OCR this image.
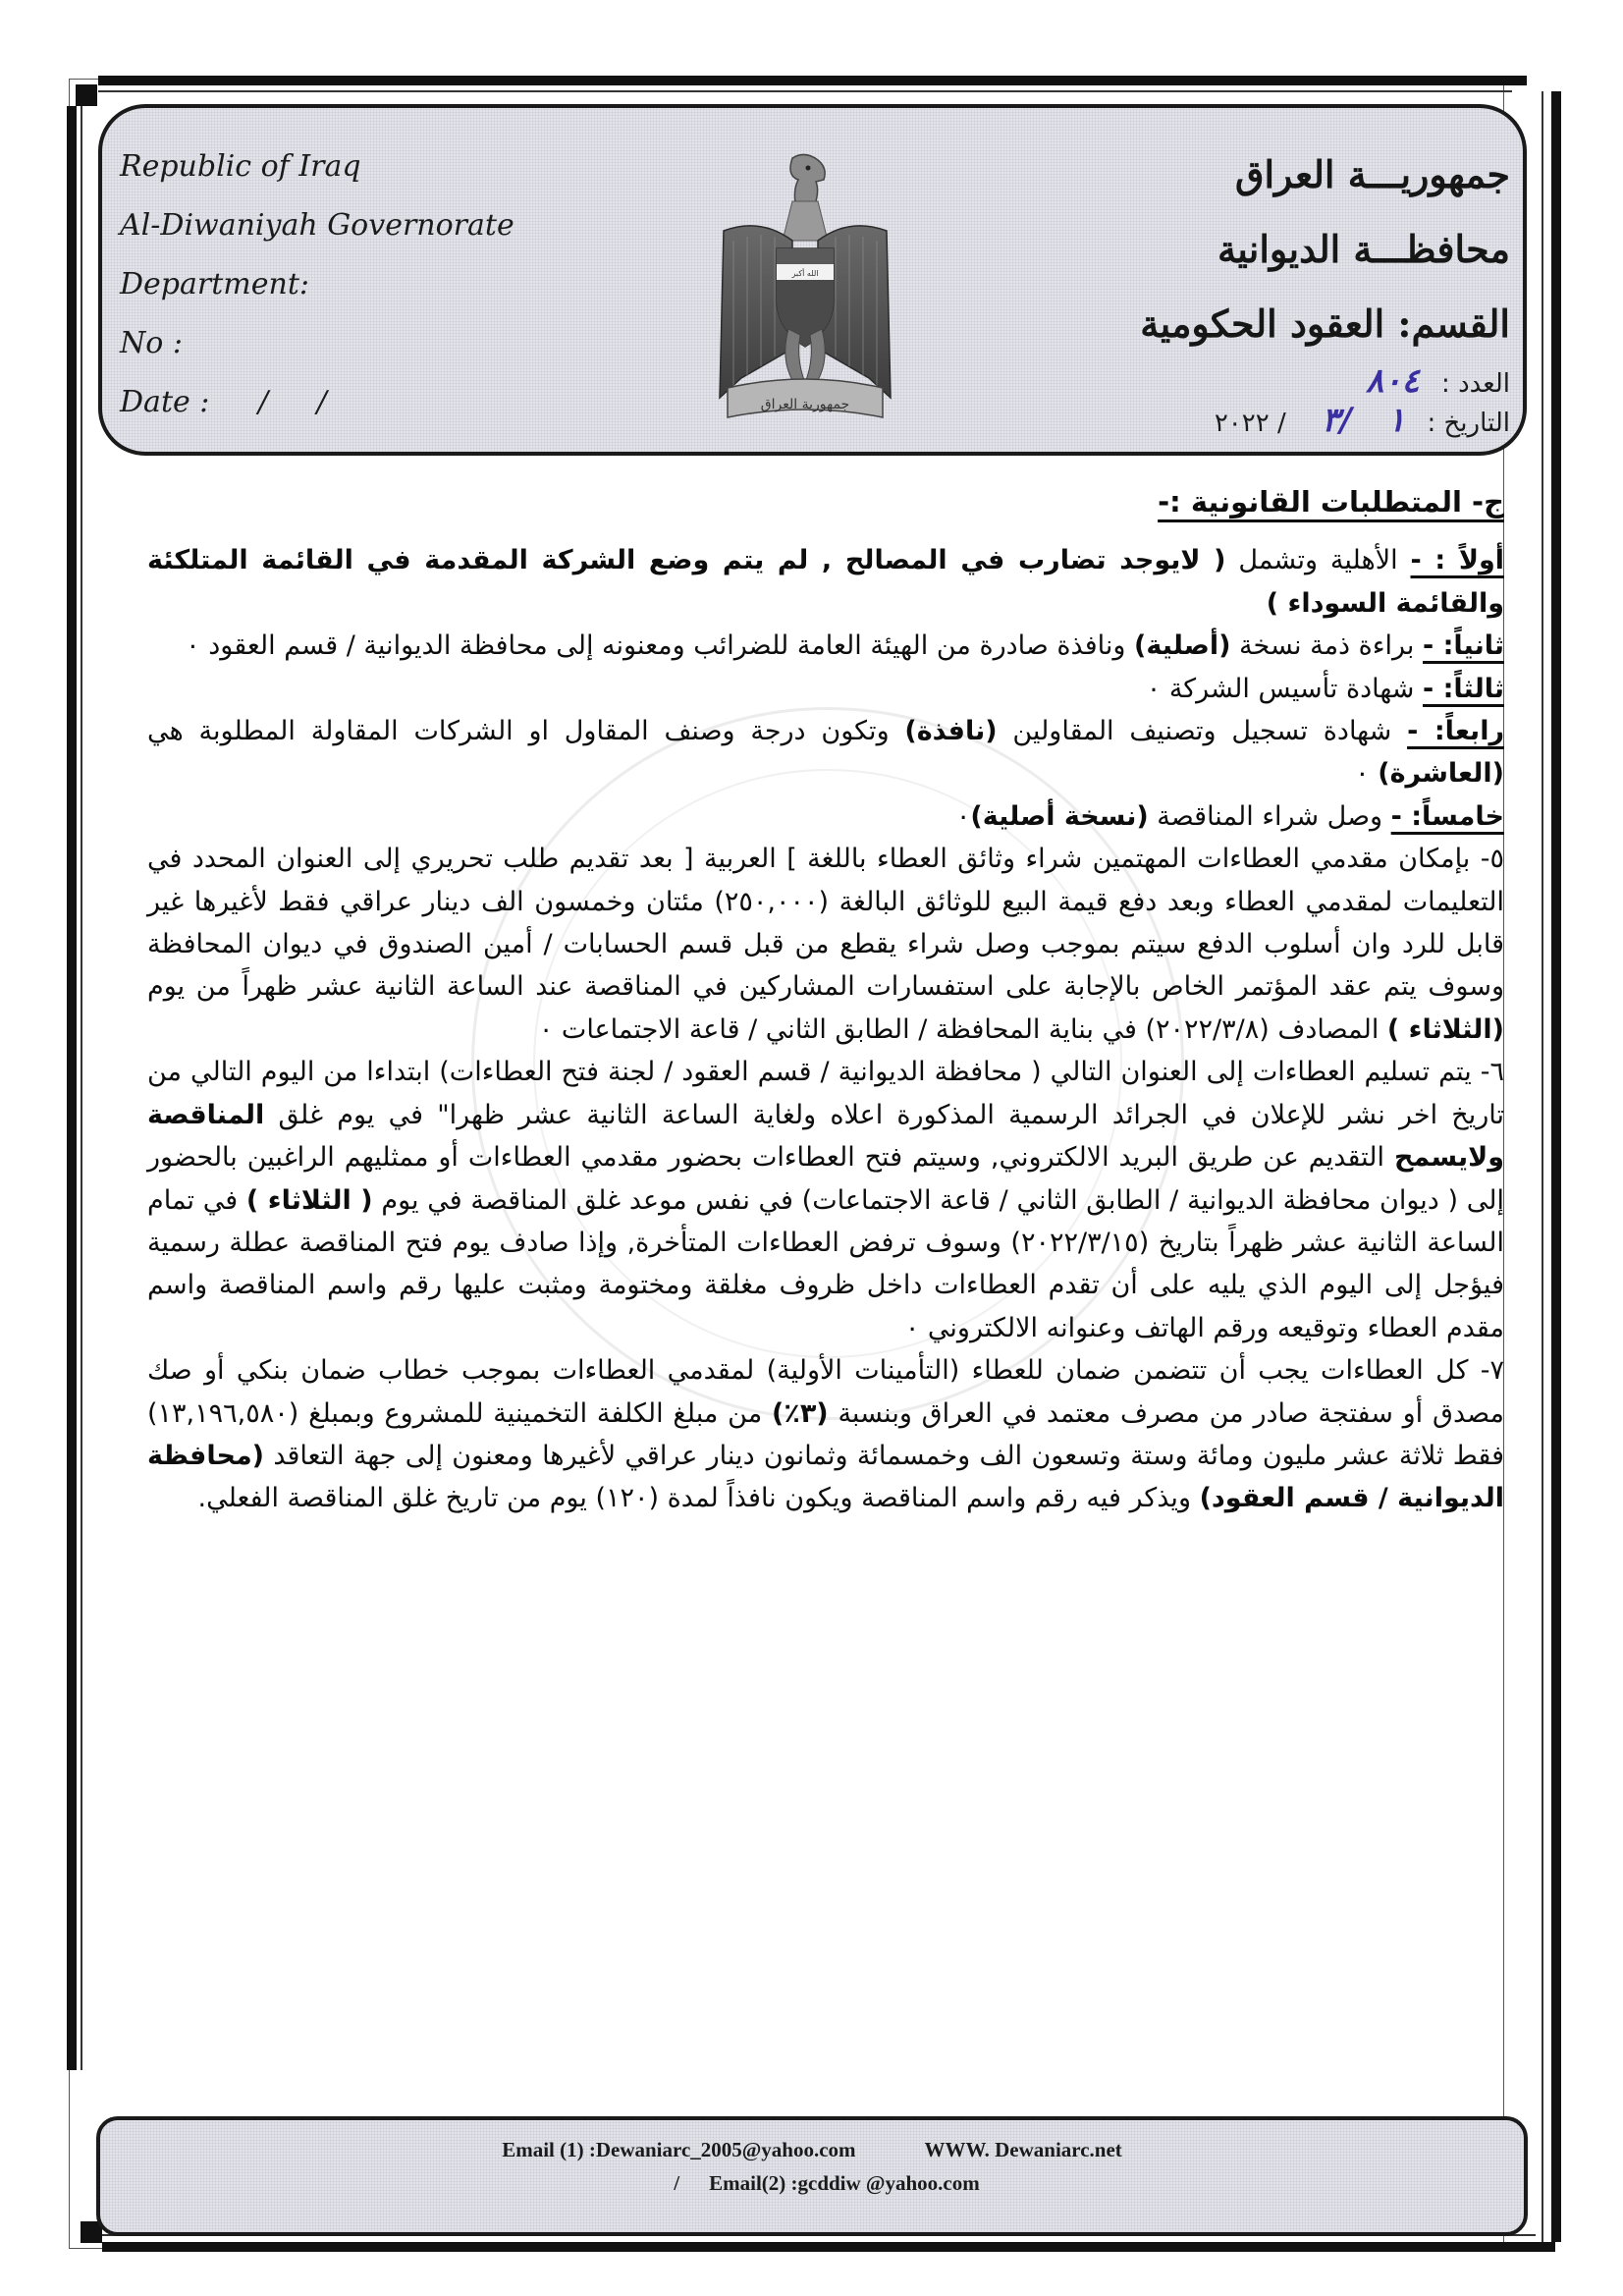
Republic of Iraq
Al-Diwaniyah Governorate
Department:
No :
Date : / /
الله أكبر
جمهورية العراق
جمهوريـــة العراق
محافظـــة الديوانية
القسم: العقود الحكومية
العدد : ٨٠٤
التاريخ : ١ /٣ / ٢٠٢٢

ج- المتطلبات القانونية :-

أولاً : - الأهلية وتشمل ( لايوجد تضارب في المصالح , لم يتم وضع الشركة المقدمة في القائمة المتلكئة والقائمة السوداء )

ثانياً: - براءة ذمة نسخة (أصلية) ونافذة صادرة من الهيئة العامة للضرائب ومعنونه إلى محافظة الديوانية / قسم العقود ٠

ثالثاً: - شهادة تأسيس الشركة ٠

رابعاً: - شهادة تسجيل وتصنيف المقاولين (نافذة) وتكون درجة وصنف المقاول او الشركات المقاولة المطلوبة هي (العاشرة) ٠

خامساً: - وصل شراء المناقصة (نسخة أصلية)٠

٥- بإمكان مقدمي العطاءات المهتمين شراء وثائق العطاء باللغة ] العربية [ بعد تقديم طلب تحريري إلى العنوان المحدد في التعليمات لمقدمي العطاء وبعد دفع قيمة البيع للوثائق البالغة (٢٥٠,٠٠٠) مئتان وخمسون الف دينار عراقي فقط لأغيرها غير قابل للرد وان أسلوب الدفع سيتم بموجب وصل شراء يقطع من قبل قسم الحسابات / أمين الصندوق في ديوان المحافظة وسوف يتم عقد المؤتمر الخاص بالإجابة على استفسارات المشاركين في المناقصة عند الساعة الثانية عشر ظهراً من يوم (الثلاثاء ) المصادف (٢٠٢٢/٣/٨) في بناية المحافظة / الطابق الثاني / قاعة الاجتماعات ٠

٦- يتم تسليم العطاءات إلى العنوان التالي ( محافظة الديوانية / قسم العقود / لجنة فتح العطاءات) ابتداءا من اليوم التالي من تاريخ اخر نشر للإعلان في الجرائد الرسمية المذكورة اعلاه ولغاية الساعة الثانية عشر ظهرا" في يوم غلق المناقصة ولايسمح التقديم عن طريق البريد الالكتروني, وسيتم فتح العطاءات بحضور مقدمي العطاءات أو ممثليهم الراغبين بالحضور إلى ( ديوان محافظة الديوانية / الطابق الثاني / قاعة الاجتماعات) في نفس موعد غلق المناقصة في يوم ( الثلاثاء ) في تمام الساعة الثانية عشر ظهراً بتاريخ (٢٠٢٢/٣/١٥) وسوف ترفض العطاءات المتأخرة, وإذا صادف يوم فتح المناقصة عطلة رسمية فيؤجل إلى اليوم الذي يليه على أن تقدم العطاءات داخل ظروف مغلقة ومختومة ومثبت عليها رقم واسم المناقصة واسم مقدم العطاء وتوقيعه ورقم الهاتف وعنوانه الالكتروني ٠

٧- كل العطاءات يجب أن تتضمن ضمان للعطاء (التأمينات الأولية) لمقدمي العطاءات بموجب خطاب ضمان بنكي أو صك مصدق أو سفتجة صادر من مصرف معتمد في العراق وبنسبة (٣٪) من مبلغ الكلفة التخمينية للمشروع وبمبلغ (١٣,١٩٦,٥٨٠) فقط ثلاثة عشر مليون ومائة وستة وتسعون الف وخمسمائة وثمانون دينار عراقي لأغيرها ومعنون إلى جهة التعاقد (محافظة الديوانية / قسم العقود) ويذكر فيه رقم واسم المناقصة ويكون نافذاً لمدة (١٢٠) يوم من تاريخ غلق المناقصة الفعلي.

Email (1) :Dewaniarc_2005@yahoo.com	WWW. Dewaniarc.net
/ Email(2) :gcddiw @yahoo.com
